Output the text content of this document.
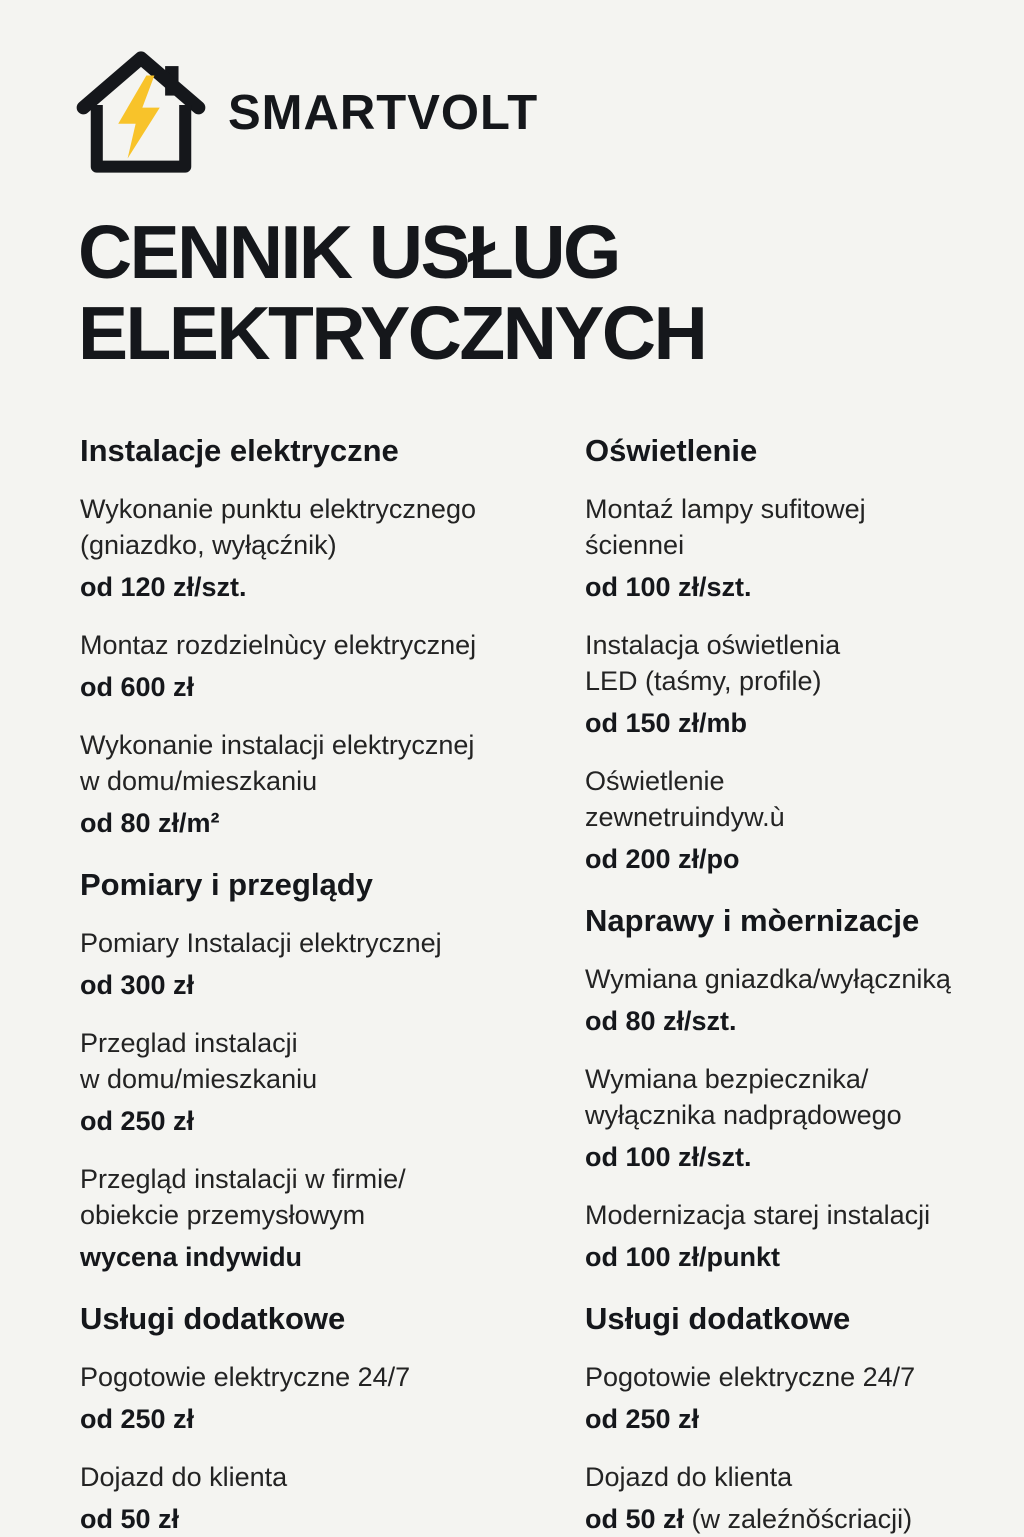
SMARTVOLT
CENNIK USŁUG
ELEKTRYCZNYCH
Instalacje elektryczne
Wykonanie punktu elektrycznego
(gniazdko, wyłącźnik)
od 120 zł/szt.
Montaz rozdzielnùcy elektrycznej
od 600 zł
Wykonanie instalacji elektrycznej
w domu/mieszkaniu
od 80 zł/m²
Pomiary i przeglądy
Pomiary Instalacji elektrycznej
od 300 zł
Przeglad instalacji
w domu/mieszkaniu
od 250 zł
Przegląd instalacji w firmie/
obiekcie przemysłowym
wycena indywidu
Usługi dodatkowe
Pogotowie elektryczne 24/7
od 250 zł
Dojazd do klienta
od 50 zł
Oświetlenie
Montaź lampy sufitowej
ściennei
od 100 zł/szt.
Instalacja oświetlenia
LED (taśmy, profile)
od 150 zł/mb
Oświetlenie
zewnetruindyw.ù
od 200 zł/po
Naprawy i mòernizacje
Wymiana gniazdka/wyłączniką
od 80 zł/szt.
Wymiana bezpiecznika/
wyłącznika nadprądowego
od 100 zł/szt.
Modernizacja starej instalacji
od 100 zł/punkt
Usługi dodatkowe
Pogotowie elektryczne 24/7
od 250 zł
Dojazd do klienta
od 50 zł (w zaleźnǒścriacji)
